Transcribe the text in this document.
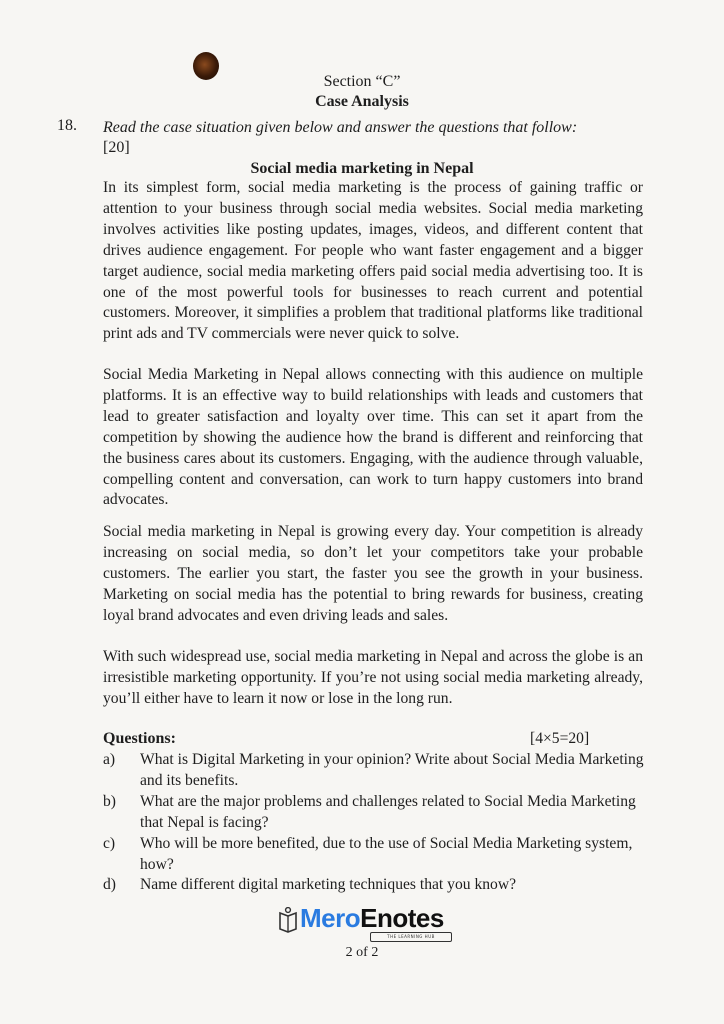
Section “C”
Case Analysis
18. Read the case situation given below and answer the questions that follow:
[20]
Social media marketing in Nepal

In its simplest form, social media marketing is the process of gaining traffic or attention to your business through social media websites. Social media marketing involves activities like posting updates, images, videos, and different content that drives audience engagement. For people who want faster engagement and a bigger target audience, social media marketing offers paid social media advertising too. It is one of the most powerful tools for businesses to reach current and potential customers. Moreover, it simplifies a problem that traditional platforms like traditional print ads and TV commercials were never quick to solve.

Social Media Marketing in Nepal allows connecting with this audience on multiple platforms. It is an effective way to build relationships with leads and customers that lead to greater satisfaction and loyalty over time. This can set it apart from the competition by showing the audience how the brand is different and reinforcing that the business cares about its customers. Engaging, with the audience through valuable, compelling content and conversation, can work to turn happy customers into brand advocates.

Social media marketing in Nepal is growing every day. Your competition is already increasing on social media, so don’t let your competitors take your probable customers. The earlier you start, the faster you see the growth in your business. Marketing on social media has the potential to bring rewards for business, creating loyal brand advocates and even driving leads and sales.

With such widespread use, social media marketing in Nepal and across the globe is an irresistible marketing opportunity. If you’re not using social media marketing already, you’ll either have to learn it now or lose in the long run.

Questions:	[4×5=20]
a)	What is Digital Marketing in your opinion? Write about Social Media Marketing and its benefits.
b)	What are the major problems and challenges related to Social Media Marketing that Nepal is facing?
c)	Who will be more benefited, due to the use of Social Media Marketing system, how?
d)	Name different digital marketing techniques that you know?
MeroEnotes
THE LEARNING HUB
2 of 2
